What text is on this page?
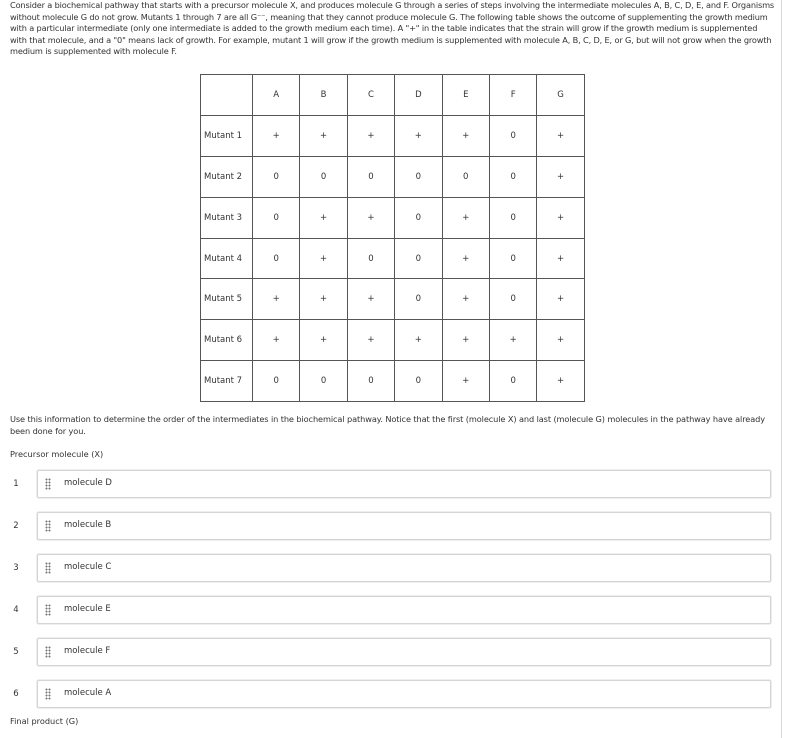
Consider a biochemical pathway that starts with a precursor molecule X, and produces molecule G through a series of steps involving the intermediate molecules A, B, C, D, E, and F. Organisms without molecule G do not grow. Mutants 1 through 7 are all G⁻⁻, meaning that they cannot produce molecule G. The following table shows the outcome of supplementing the growth medium with a particular intermediate (only one intermediate is added to the growth medium each time). A "+" in the table indicates that the strain will grow if the growth medium is supplemented with that molecule, and a "0" means lack of growth. For example, mutant 1 will grow if the growth medium is supplemented with molecule A, B, C, D, E, or G, but will not grow when the growth medium is supplemented with molecule F.

	A	B	C	D	E	F	G
Mutant 1	+	+	+	+	+	0	+
Mutant 2	0	0	0	0	0	0	+
Mutant 3	0	+	+	0	+	0	+
Mutant 4	0	+	0	0	+	0	+
Mutant 5	+	+	+	0	+	0	+
Mutant 6	+	+	+	+	+	+	+
Mutant 7	0	0	0	0	+	0	+

Use this information to determine the order of the intermediates in the biochemical pathway. Notice that the first (molecule X) and last (molecule G) molecules in the pathway have already been done for you.

Precursor molecule (X)
1	molecule D
2	molecule B
3	molecule C
4	molecule E
5	molecule F
6	molecule A
Final product (G)
